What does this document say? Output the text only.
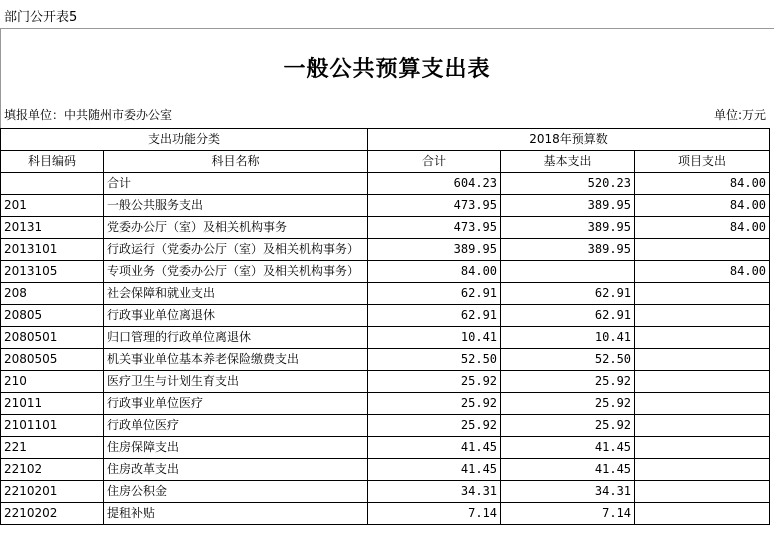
部门公开表5
一般公共预算支出表
填报单位：中共随州市委办公室	单位:万元
支出功能分类		2018年预算数		
科目编码	科目名称	合计	基本支出	项目支出
	合计	604.23	520.23	84.00
201	一般公共服务支出	473.95	389.95	84.00
20131	党委办公厅（室）及相关机构事务	473.95	389.95	84.00
2013101	行政运行（党委办公厅（室）及相关机构事务）	389.95	389.95	
2013105	专项业务（党委办公厅（室）及相关机构事务）	84.00		84.00
208	社会保障和就业支出	62.91	62.91	
20805	行政事业单位离退休	62.91	62.91	
2080501	归口管理的行政单位离退休	10.41	10.41	
2080505	机关事业单位基本养老保险缴费支出	52.50	52.50	
210	医疗卫生与计划生育支出	25.92	25.92	
21011	行政事业单位医疗	25.92	25.92	
2101101	行政单位医疗	25.92	25.92	
221	住房保障支出	41.45	41.45	
22102	住房改革支出	41.45	41.45	
2210201	住房公积金	34.31	34.31	
2210202	提租补贴	7.14	7.14	
